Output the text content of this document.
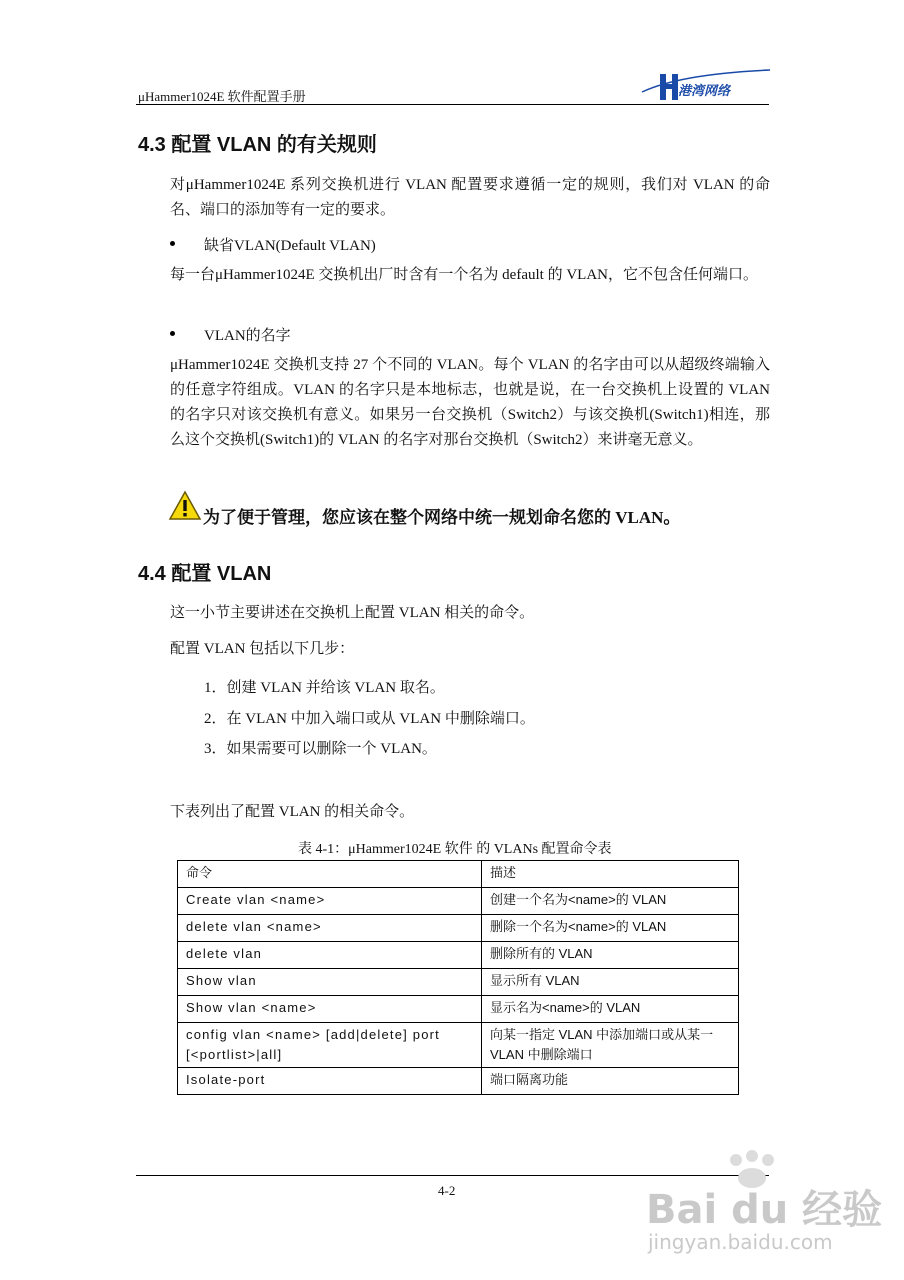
μHammer1024E 软件配置手册	港湾网络
4.3 配置 VLAN 的有关规则

对μHammer1024E 系列交换机进行 VLAN 配置要求遵循一定的规则，我们对 VLAN 的命名、端口的添加等有一定的要求。

缺省VLAN(Default VLAN)

每一台μHammer1024E 交换机出厂时含有一个名为 default 的 VLAN，它不包含任何端口。

VLAN的名字

μHammer1024E 交换机支持 27 个不同的 VLAN。每个 VLAN 的名字由可以从超级终端输入的任意字符组成。VLAN 的名字只是本地标志，也就是说，在一台交换机上设置的 VLAN 的名字只对该交换机有意义。如果另一台交换机（Switch2）与该交换机(Switch1)相连，那么这个交换机(Switch1)的 VLAN 的名字对那台交换机（Switch2）来讲毫无意义。

为了便于管理，您应该在整个网络中统一规划命名您的 VLAN。
4.4 配置 VLAN

这一小节主要讲述在交换机上配置 VLAN 相关的命令。

配置 VLAN 包括以下几步：

1．创建 VLAN 并给该 VLAN 取名。
2．在 VLAN 中加入端口或从 VLAN 中删除端口。
3．如果需要可以删除一个 VLAN。

下表列出了配置 VLAN 的相关命令。

表 4-1：μHammer1024E 软件 的 VLANs 配置命令表
命令	描述
Create vlan <name>	创建一个名为<name>的 VLAN
delete vlan <name>	删除一个名为<name>的 VLAN
delete vlan	删除所有的 VLAN
Show vlan	显示所有 VLAN
Show vlan <name>	显示名为<name>的 VLAN
config vlan <name> [add|delete] port [<portlist>|all]	向某一指定 VLAN 中添加端口或从某一 VLAN 中删除端口
Isolate-port	端口隔离功能
4-2	Bai du 经验
jingyan.baidu.com
